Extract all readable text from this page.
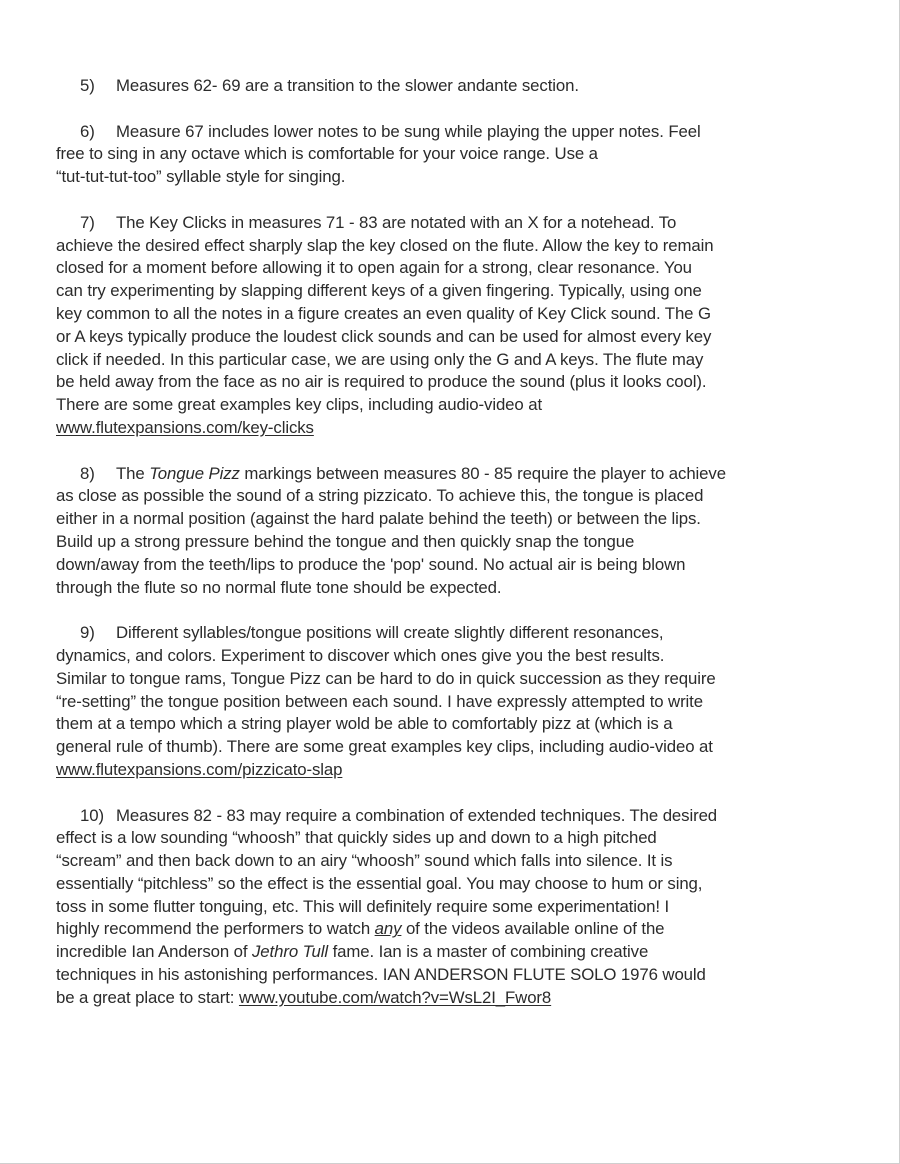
5) Measures 62- 69 are a transition to the slower andante section.
6) Measure 67 includes lower notes to be sung while playing the upper notes. Feel
free to sing in any octave which is comfortable for your voice range. Use a
“tut-tut-tut-too” syllable style for singing.
7) The Key Clicks in measures 71 - 83 are notated with an X for a notehead. To
achieve the desired effect sharply slap the key closed on the flute. Allow the key to remain
closed for a moment before allowing it to open again for a strong, clear resonance. You
can try experimenting by slapping different keys of a given fingering. Typically, using one
key common to all the notes in a figure creates an even quality of Key Click sound. The G
or A keys typically produce the loudest click sounds and can be used for almost every key
click if needed. In this particular case, we are using only the G and A keys. The flute may
be held away from the face as no air is required to produce the sound (plus it looks cool).
There are some great examples key clips, including audio-video at
www.flutexpansions.com/key-clicks
8) The Tongue Pizz markings between measures 80 - 85 require the player to achieve
as close as possible the sound of a string pizzicato. To achieve this, the tongue is placed
either in a normal position (against the hard palate behind the teeth) or between the lips.
Build up a strong pressure behind the tongue and then quickly snap the tongue
down/away from the teeth/lips to produce the 'pop' sound. No actual air is being blown
through the flute so no normal flute tone should be expected.
9) Different syllables/tongue positions will create slightly different resonances,
dynamics, and colors. Experiment to discover which ones give you the best results.
Similar to tongue rams, Tongue Pizz can be hard to do in quick succession as they require
“re-setting” the tongue position between each sound. I have expressly attempted to write
them at a tempo which a string player wold be able to comfortably pizz at (which is a
general rule of thumb). There are some great examples key clips, including audio-video at
www.flutexpansions.com/pizzicato-slap
10) Measures 82 - 83 may require a combination of extended techniques. The desired
effect is a low sounding “whoosh” that quickly sides up and down to a high pitched
“scream” and then back down to an airy “whoosh” sound which falls into silence. It is
essentially “pitchless” so the effect is the essential goal. You may choose to hum or sing,
toss in some flutter tonguing, etc. This will definitely require some experimentation! I
highly recommend the performers to watch any of the videos available online of the
incredible Ian Anderson of Jethro Tull fame. Ian is a master of combining creative
techniques in his astonishing performances. IAN ANDERSON FLUTE SOLO 1976 would
be a great place to start: www.youtube.com/watch?v=WsL2I_Fwor8
